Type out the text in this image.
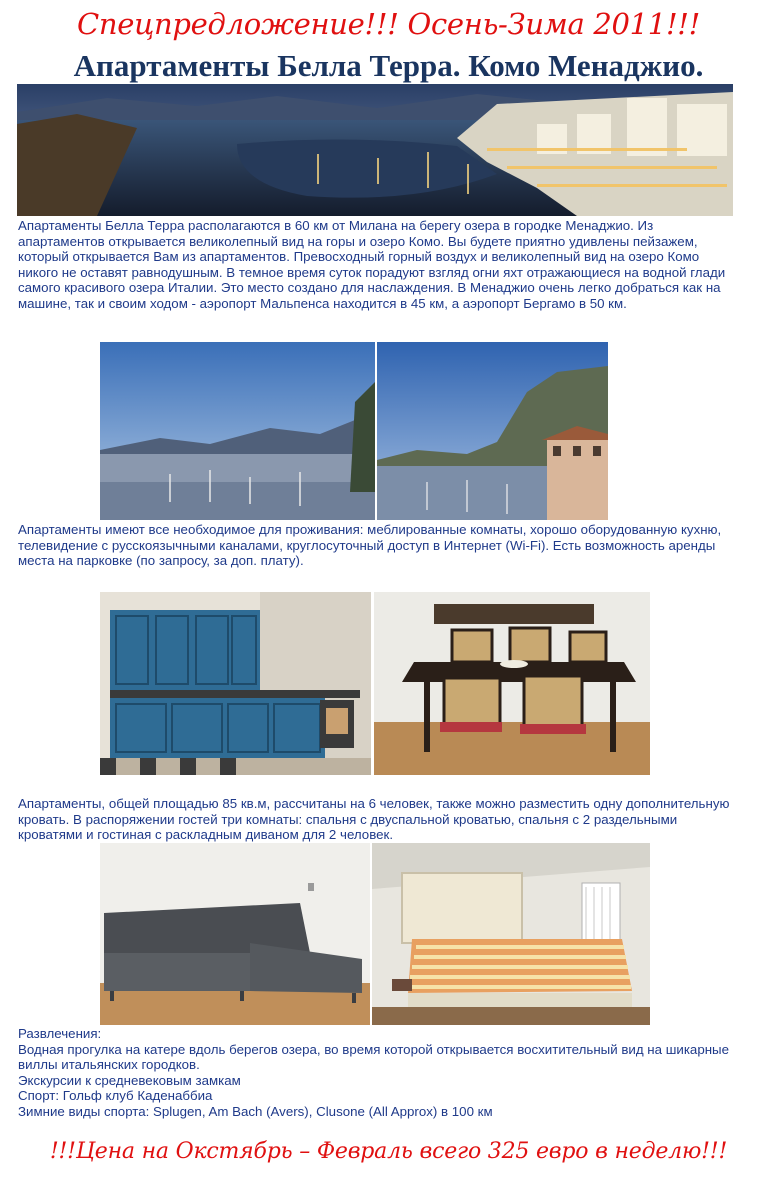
Спецпредложение!!! Осень-Зима 2011!!!
Апартаменты Белла Терра. Комо Менаджио.

Апартаменты Белла Терра располагаются в 60 км от Милана на берегу озера в городке Менаджио. Из апартаментов открывается великолепный вид на горы и озеро Комо. Вы будете приятно удивлены пейзажем, который открывается Вам из апартаментов. Превосходный горный воздух и великолепный вид на озеро Комо никого не оставят равнодушным. В темное время суток порадуют взгляд огни яхт отражающиеся на водной глади самого красивого озера Италии. Это место создано для наслаждения. В Менаджио очень легко добраться как на машине, так и своим ходом - аэропорт Мальпенса находится в 45 км, а аэропорт Бергамо в 50 км.

Апартаменты имеют все необходимое для проживания: меблированные комнаты, хорошо оборудованную кухню, телевидение с русскоязычными каналами, круглосуточный доступ в Интернет (Wi-Fi). Есть возможность аренды места на парковке (по запросу, за доп. плату).

Апартаменты, общей площадью 85 кв.м, рассчитаны на 6 человек, также можно разместить одну дополнительную кровать. В распоряжении гостей три комнаты: спальня с двуспальной кроватью, спальня с 2 раздельными кроватями и гостиная с раскладным диваном для 2 человек.

Развлечения:
Водная прогулка на катере вдоль берегов озера, во время которой открывается восхитительный вид на шикарные виллы итальянских городков.
Экскурсии к средневековым замкам
Спорт: Гольф клуб Каденаббиа
Зимние виды спорта: Splugen, Am Bach (Avers), Clusone (All Approx) в 100 км
!!!Цена на Окстябрь – Февраль всего 325 евро в неделю!!!
